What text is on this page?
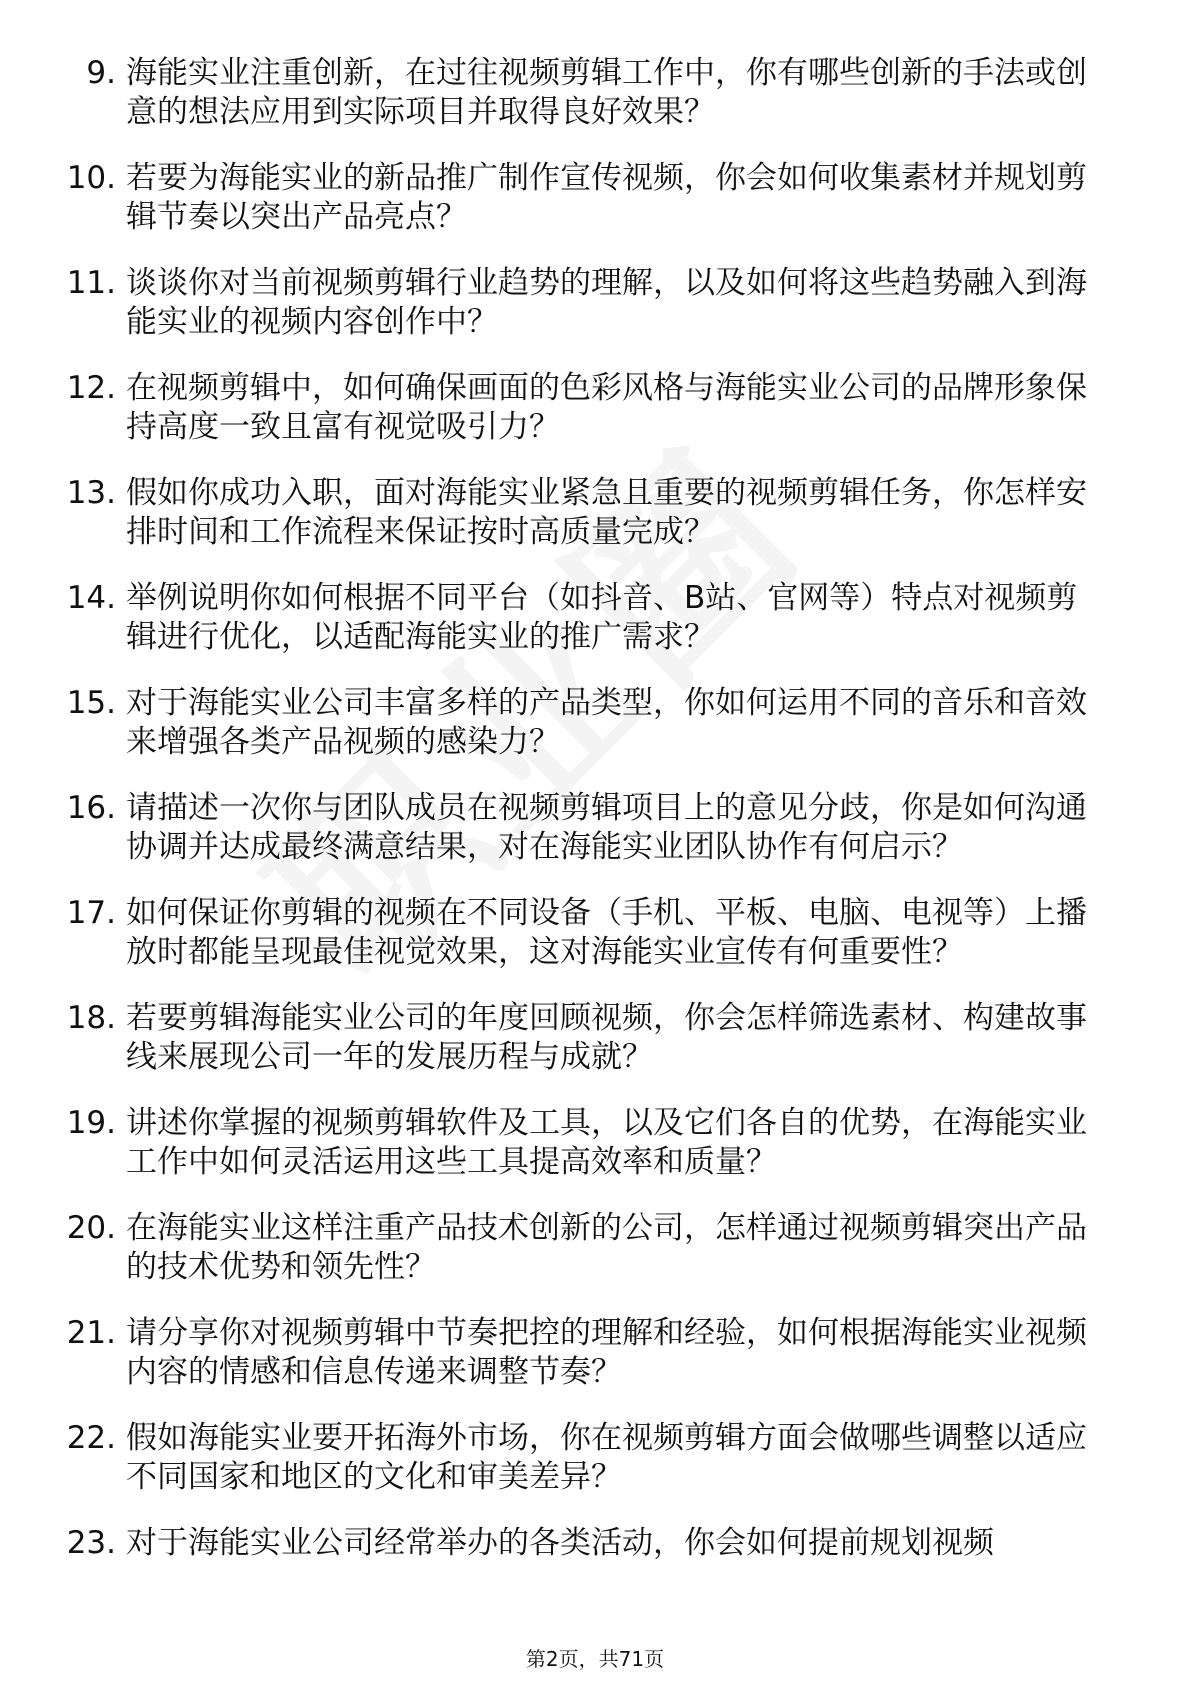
9. 海能实业注重创新，在过往视频剪辑工作中，你有哪些创新的手法或创意的想法应用到实际项目并取得良好效果？
10. 若要为海能实业的新品推广制作宣传视频，你会如何收集素材并规划剪辑节奏以突出产品亮点？
11. 谈谈你对当前视频剪辑行业趋势的理解，以及如何将这些趋势融入到海能实业的视频内容创作中？
12. 在视频剪辑中，如何确保画面的色彩风格与海能实业公司的品牌形象保持高度一致且富有视觉吸引力？
13. 假如你成功入职，面对海能实业紧急且重要的视频剪辑任务，你怎样安排时间和工作流程来保证按时高质量完成？
14. 举例说明你如何根据不同平台（如抖音、B站、官网等）特点对视频剪辑进行优化，以适配海能实业的推广需求？
15. 对于海能实业公司丰富多样的产品类型，你如何运用不同的音乐和音效来增强各类产品视频的感染力？
16. 请描述一次你与团队成员在视频剪辑项目上的意见分歧，你是如何沟通协调并达成最终满意结果，对在海能实业团队协作有何启示？
17. 如何保证你剪辑的视频在不同设备（手机、平板、电脑、电视等）上播放时都能呈现最佳视觉效果，这对海能实业宣传有何重要性？
18. 若要剪辑海能实业公司的年度回顾视频，你会怎样筛选素材、构建故事线来展现公司一年的发展历程与成就？
19. 讲述你掌握的视频剪辑软件及工具，以及它们各自的优势，在海能实业工作中如何灵活运用这些工具提高效率和质量？
20. 在海能实业这样注重产品技术创新的公司，怎样通过视频剪辑突出产品的技术优势和领先性？
21. 请分享你对视频剪辑中节奏把控的理解和经验，如何根据海能实业视频内容的情感和信息传递来调整节奏？
22. 假如海能实业要开拓海外市场，你在视频剪辑方面会做哪些调整以适应不同国家和地区的文化和审美差异？
23. 对于海能实业公司经常举办的各类活动，你会如何提前规划视频
第2页，共71页
